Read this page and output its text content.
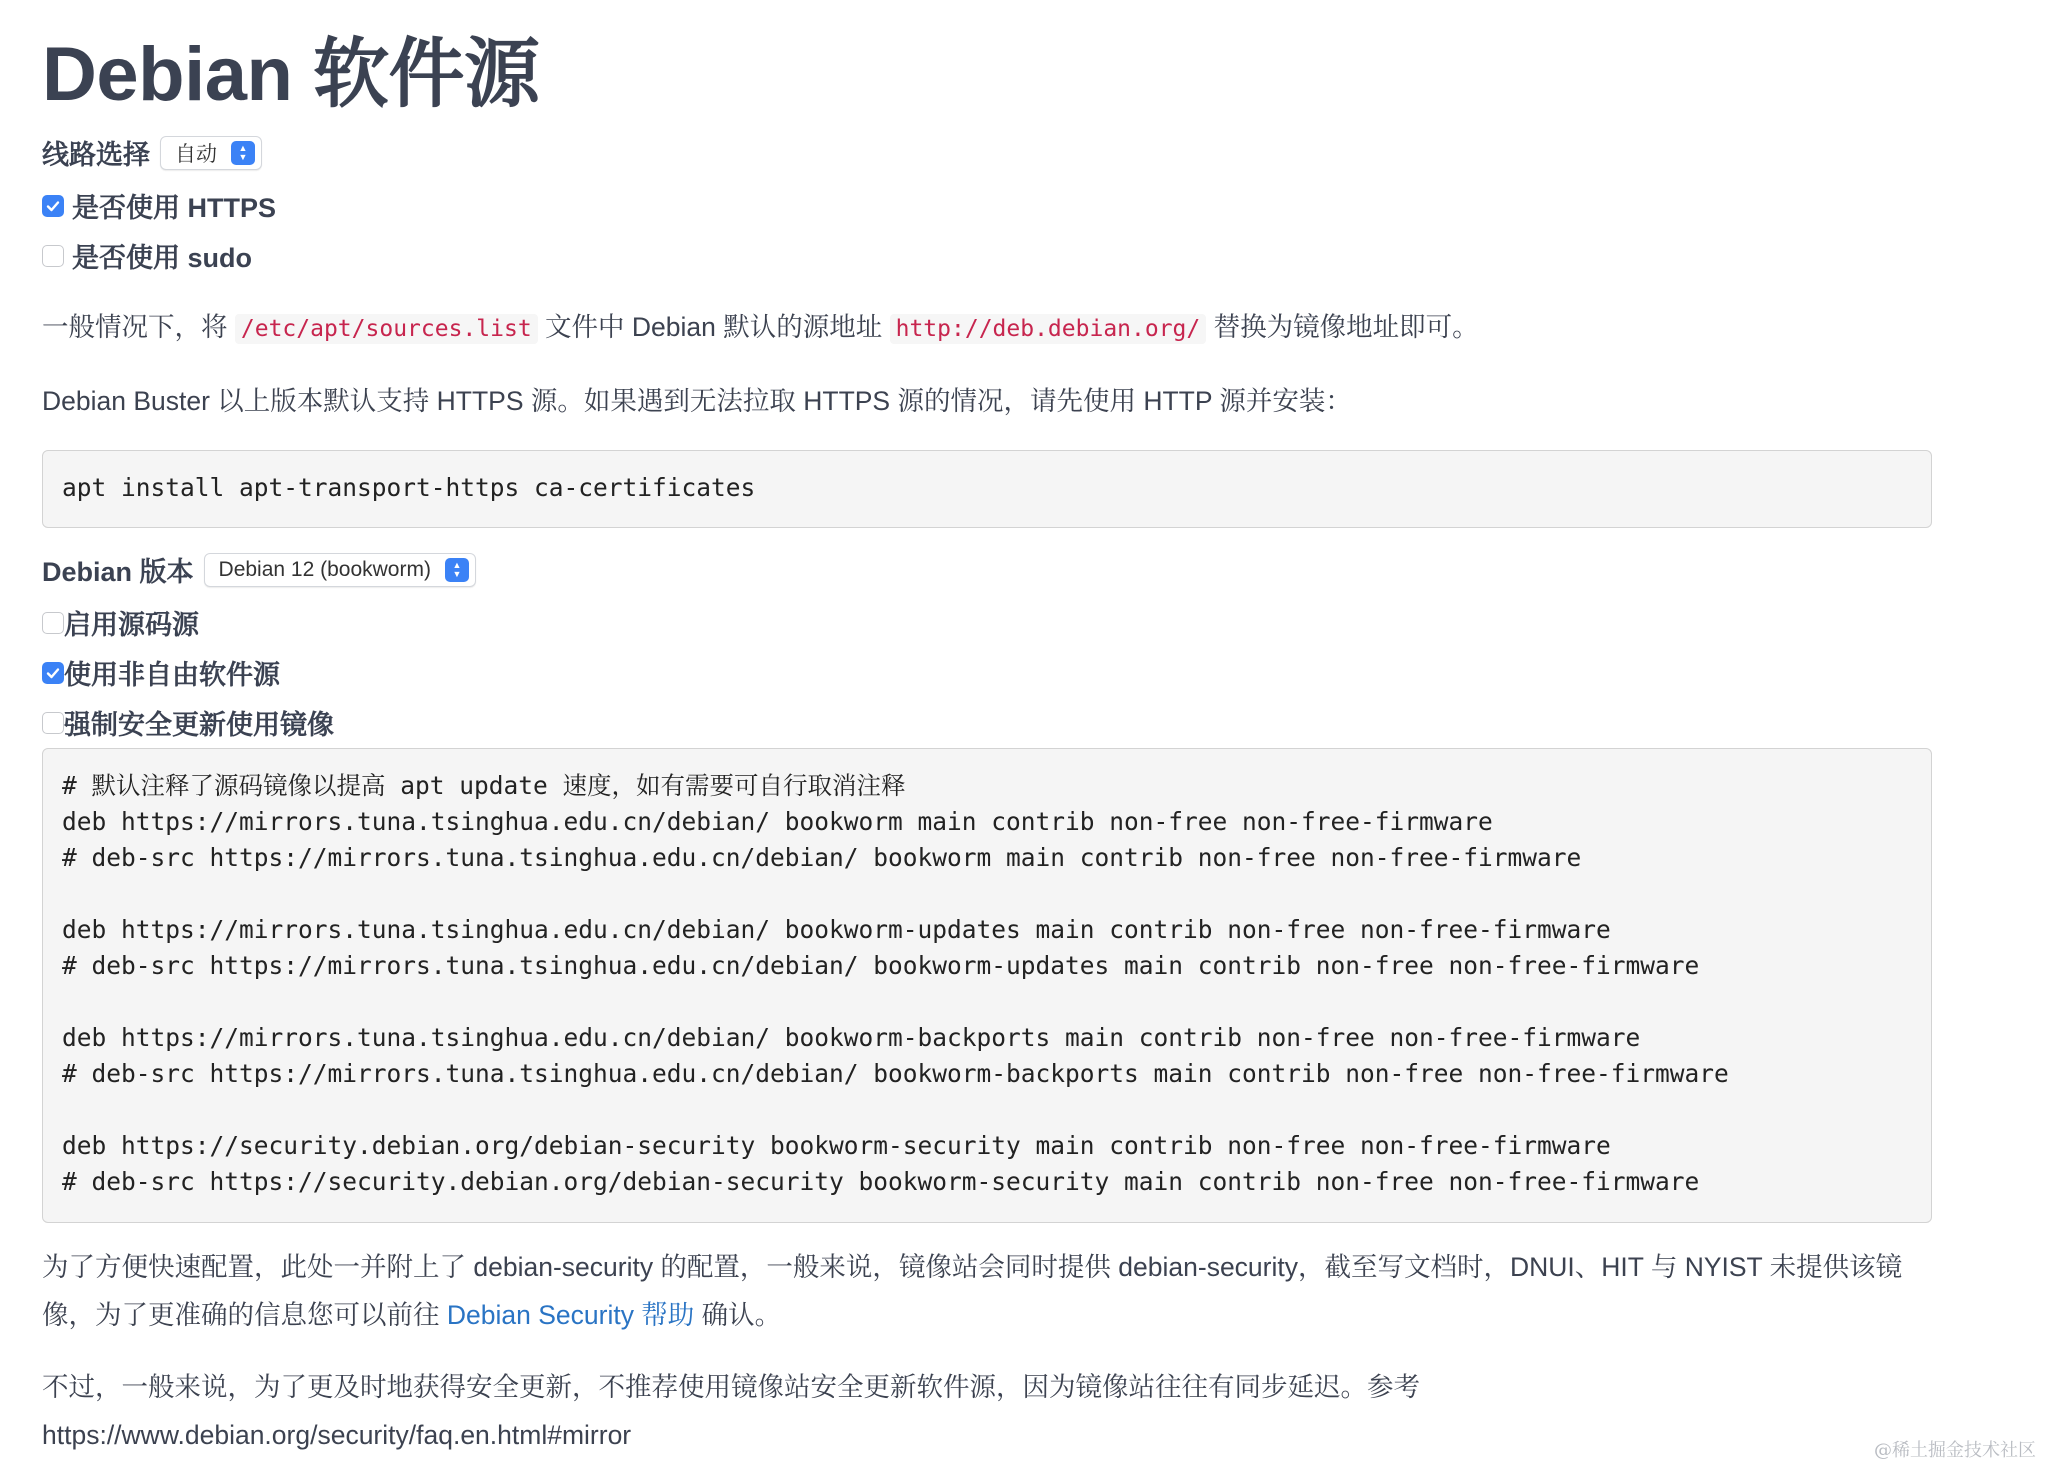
Debian 软件源
线路选择 自动	▲
▼
是否使用 HTTPS
是否使用 sudo

一般情况下，将 /etc/apt/sources.list 文件中 Debian 默认的源地址 http://deb.debian.org/ 替换为镜像地址即可。

Debian Buster 以上版本默认支持 HTTPS 源。如果遇到无法拉取 HTTPS 源的情况，请先使用 HTTP 源并安装：

apt install apt-transport-https ca-certificates
Debian 版本 Debian 12 (bookworm)	▲
▼
启用源码源
使用非自由软件源
强制安全更新使用镜像
# 默认注释了源码镜像以提高 apt update 速度，如有需要可自行取消注释
deb https://mirrors.tuna.tsinghua.edu.cn/debian/ bookworm main contrib non-free non-free-firmware
# deb-src https://mirrors.tuna.tsinghua.edu.cn/debian/ bookworm main contrib non-free non-free-firmware

deb https://mirrors.tuna.tsinghua.edu.cn/debian/ bookworm-updates main contrib non-free non-free-firmware
# deb-src https://mirrors.tuna.tsinghua.edu.cn/debian/ bookworm-updates main contrib non-free non-free-firmware

deb https://mirrors.tuna.tsinghua.edu.cn/debian/ bookworm-backports main contrib non-free non-free-firmware
# deb-src https://mirrors.tuna.tsinghua.edu.cn/debian/ bookworm-backports main contrib non-free non-free-firmware

deb https://security.debian.org/debian-security bookworm-security main contrib non-free non-free-firmware
# deb-src https://security.debian.org/debian-security bookworm-security main contrib non-free non-free-firmware

为了方便快速配置，此处一并附上了 debian-security 的配置，一般来说，镜像站会同时提供 debian-security，截至写文档时，DNUI、HIT 与 NYIST 未提供该镜像，为了更准确的信息您可以前往 Debian Security 帮助 确认。

不过，一般来说，为了更及时地获得安全更新，不推荐使用镜像站安全更新软件源，因为镜像站往往有同步延迟。参考
https://www.debian.org/security/faq.en.html#mirror

@稀土掘金技术社区
